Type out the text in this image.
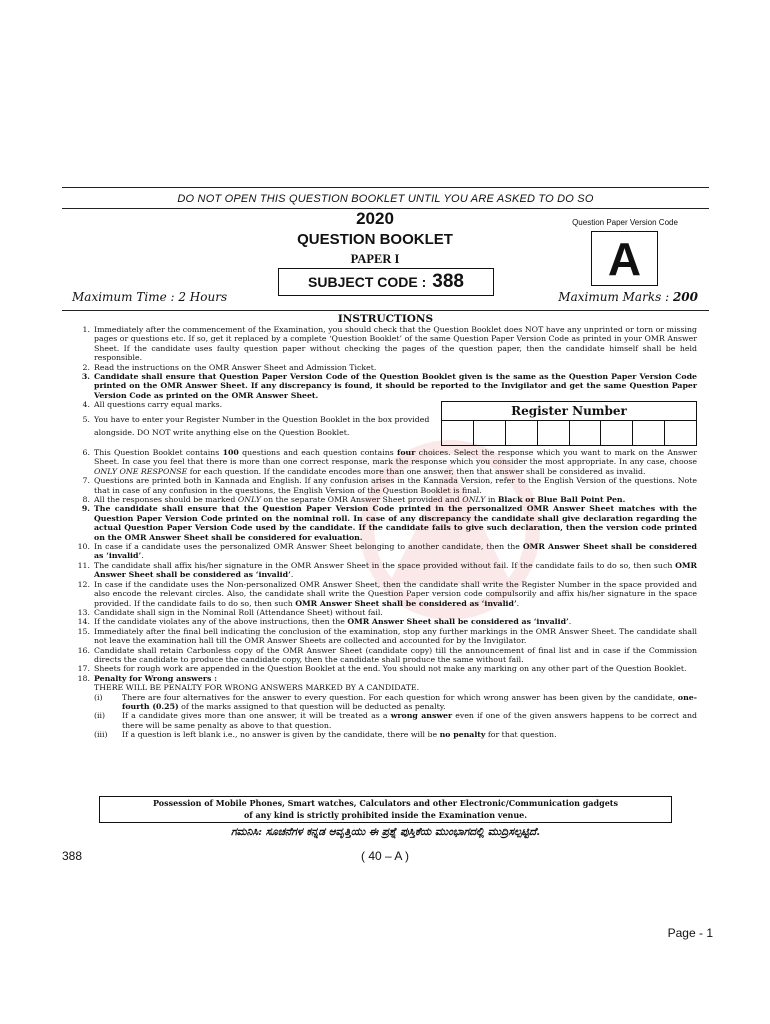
DO NOT OPEN THIS QUESTION BOOKLET UNTIL YOU ARE ASKED TO DO SO
2020
QUESTION BOOKLET
PAPER I
SUBJECT CODE : 388
Question Paper Version Code
A
Maximum Time : 2 Hours	Maximum Marks : 200
INSTRUCTIONS
1. Immediately after the commencement of the Examination, you should check that the Question Booklet does NOT have any unprinted or torn or missing pages or questions etc. If so, get it replaced by a complete ‘Question Booklet’ of the same Question Paper Version Code as printed in your OMR Answer Sheet. If the candidate uses faulty question paper without checking the pages of the question paper, then the candidate himself shall be held responsible.
2. Read the instructions on the OMR Answer Sheet and Admission Ticket.
3. Candidate shall ensure that Question Paper Version Code of the Question Booklet given is the same as the Question Paper Version Code printed on the OMR Answer Sheet. If any discrepancy is found, it should be reported to the Invigilator and get the same Question Paper Version Code as printed on the OMR Answer Sheet.
4. All questions carry equal marks.
5. You have to enter your Register Number in the Question Booklet in the box provided alongside. DO NOT write anything else on the Question Booklet.
Register Number
6. This Question Booklet contains 100 questions and each question contains four choices. Select the response which you want to mark on the Answer Sheet. In case you feel that there is more than one correct response, mark the response which you consider the most appropriate. In any case, choose ONLY ONE RESPONSE for each question. If the candidate encodes more than one answer, then that answer shall be considered as invalid.
7. Questions are printed both in Kannada and English. If any confusion arises in the Kannada Version, refer to the English Version of the questions. Note that in case of any confusion in the questions, the English Version of the Question Booklet is final.
8. All the responses should be marked ONLY on the separate OMR Answer Sheet provided and ONLY in Black or Blue Ball Point Pen.
9. The candidate shall ensure that the Question Paper Version Code printed in the personalized OMR Answer Sheet matches with the Question Paper Version Code printed on the nominal roll. In case of any discrepancy the candidate shall give declaration regarding the actual Question Paper Version Code used by the candidate. If the candidate fails to give such declaration, then the version code printed on the OMR Answer Sheet shall be considered for evaluation.
10. In case if a candidate uses the personalized OMR Answer Sheet belonging to another candidate, then the OMR Answer Sheet shall be considered as ‘invalid’.
11. The candidate shall affix his/her signature in the OMR Answer Sheet in the space provided without fail. If the candidate fails to do so, then such OMR Answer Sheet shall be considered as ‘invalid’.
12. In case if the candidate uses the Non-personalized OMR Answer Sheet, then the candidate shall write the Register Number in the space provided and also encode the relevant circles. Also, the candidate shall write the Question Paper version code compulsorily and affix his/her signature in the space provided. If the candidate fails to do so, then such OMR Answer Sheet shall be considered as ‘invalid’.
13. Candidate shall sign in the Nominal Roll (Attendance Sheet) without fail.
14. If the candidate violates any of the above instructions, then the OMR Answer Sheet shall be considered as ‘invalid’.
15. Immediately after the final bell indicating the conclusion of the examination, stop any further markings in the OMR Answer Sheet. The candidate shall not leave the examination hall till the OMR Answer Sheets are collected and accounted for by the Invigilator.
16. Candidate shall retain Carbonless copy of the OMR Answer Sheet (candidate copy) till the announcement of final list and in case if the Commission directs the candidate to produce the candidate copy, then the candidate shall produce the same without fail.
17. Sheets for rough work are appended in the Question Booklet at the end. You should not make any marking on any other part of the Question Booklet.
18. Penalty for Wrong answers :
THERE WILL BE PENALTY FOR WRONG ANSWERS MARKED BY A CANDIDATE.
(i)	There are four alternatives for the answer to every question. For each question for which wrong answer has been given by the candidate, one-fourth (0.25) of the marks assigned to that question will be deducted as penalty.
(ii)	If a candidate gives more than one answer, it will be treated as a wrong answer even if one of the given answers happens to be correct and there will be same penalty as above to that question.
(iii)	If a question is left blank i.e., no answer is given by the candidate, there will be no penalty for that question.
Possession of Mobile Phones, Smart watches, Calculators and other Electronic/Communication gadgets
of any kind is strictly prohibited inside the Examination venue.
ಗಮನಿಸಿ: ಸೂಚನೆಗಳ ಕನ್ನಡ ಆವೃತ್ತಿಯು ಈ ಪ್ರಶ್ನೆ ಪುಸ್ತಿಕೆಯ ಮುಂಭಾಗದಲ್ಲಿ ಮುದ್ರಿಸಲ್ಪಟ್ಟಿದೆ.
388	( 40 – A )
Page - 1
